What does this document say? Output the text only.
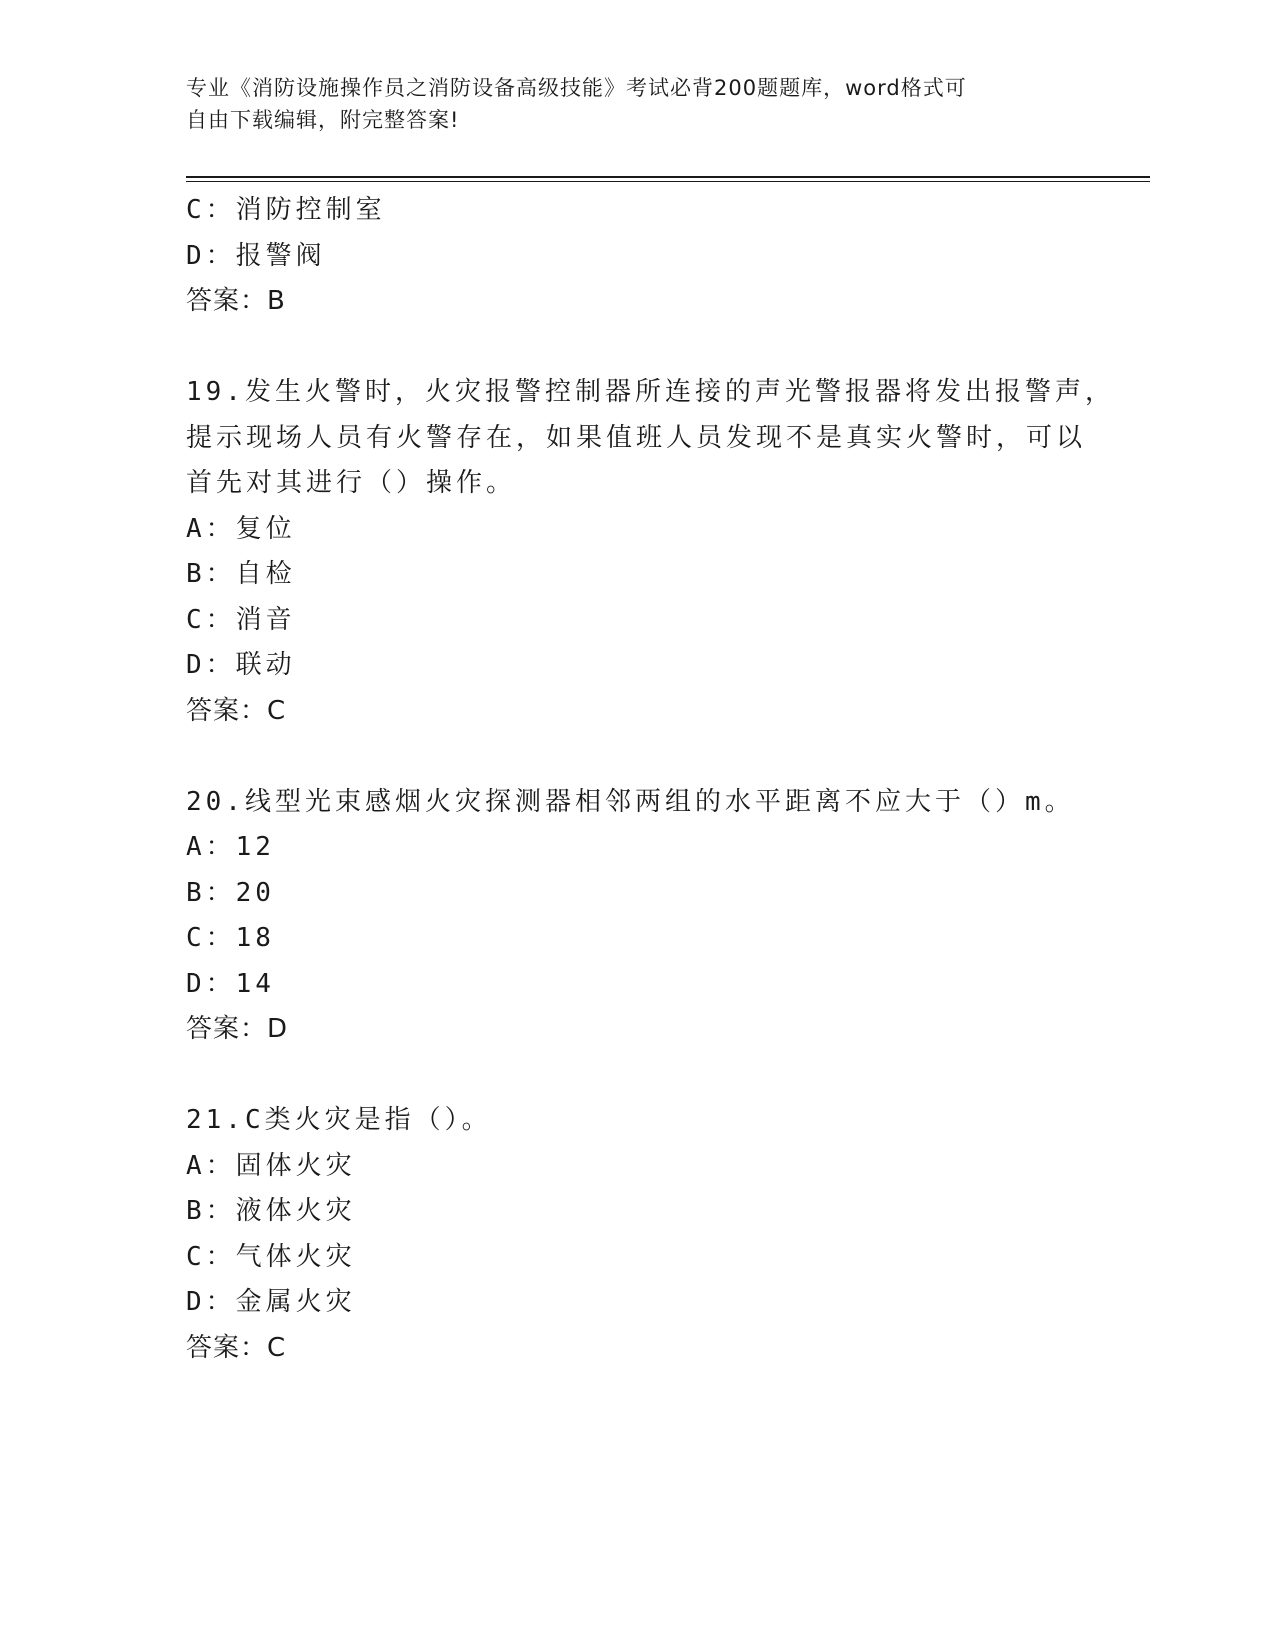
专业《消防设施操作员之消防设备高级技能》考试必背200题题库，word格式可
自由下载编辑，附完整答案!
C：消防控制室
D：报警阀
答案：B
19.发生火警时，火灾报警控制器所连接的声光警报器将发出报警声，
提示现场人员有火警存在，如果值班人员发现不是真实火警时，可以
首先对其进行（）操作。
A：复位
B：自检
C：消音
D：联动
答案：C
20.线型光束感烟火灾探测器相邻两组的水平距离不应大于（）m。
A：12
B：20
C：18
D：14
答案：D
21.C类火灾是指（）。
A：固体火灾
B：液体火灾
C：气体火灾
D：金属火灾
答案：C
